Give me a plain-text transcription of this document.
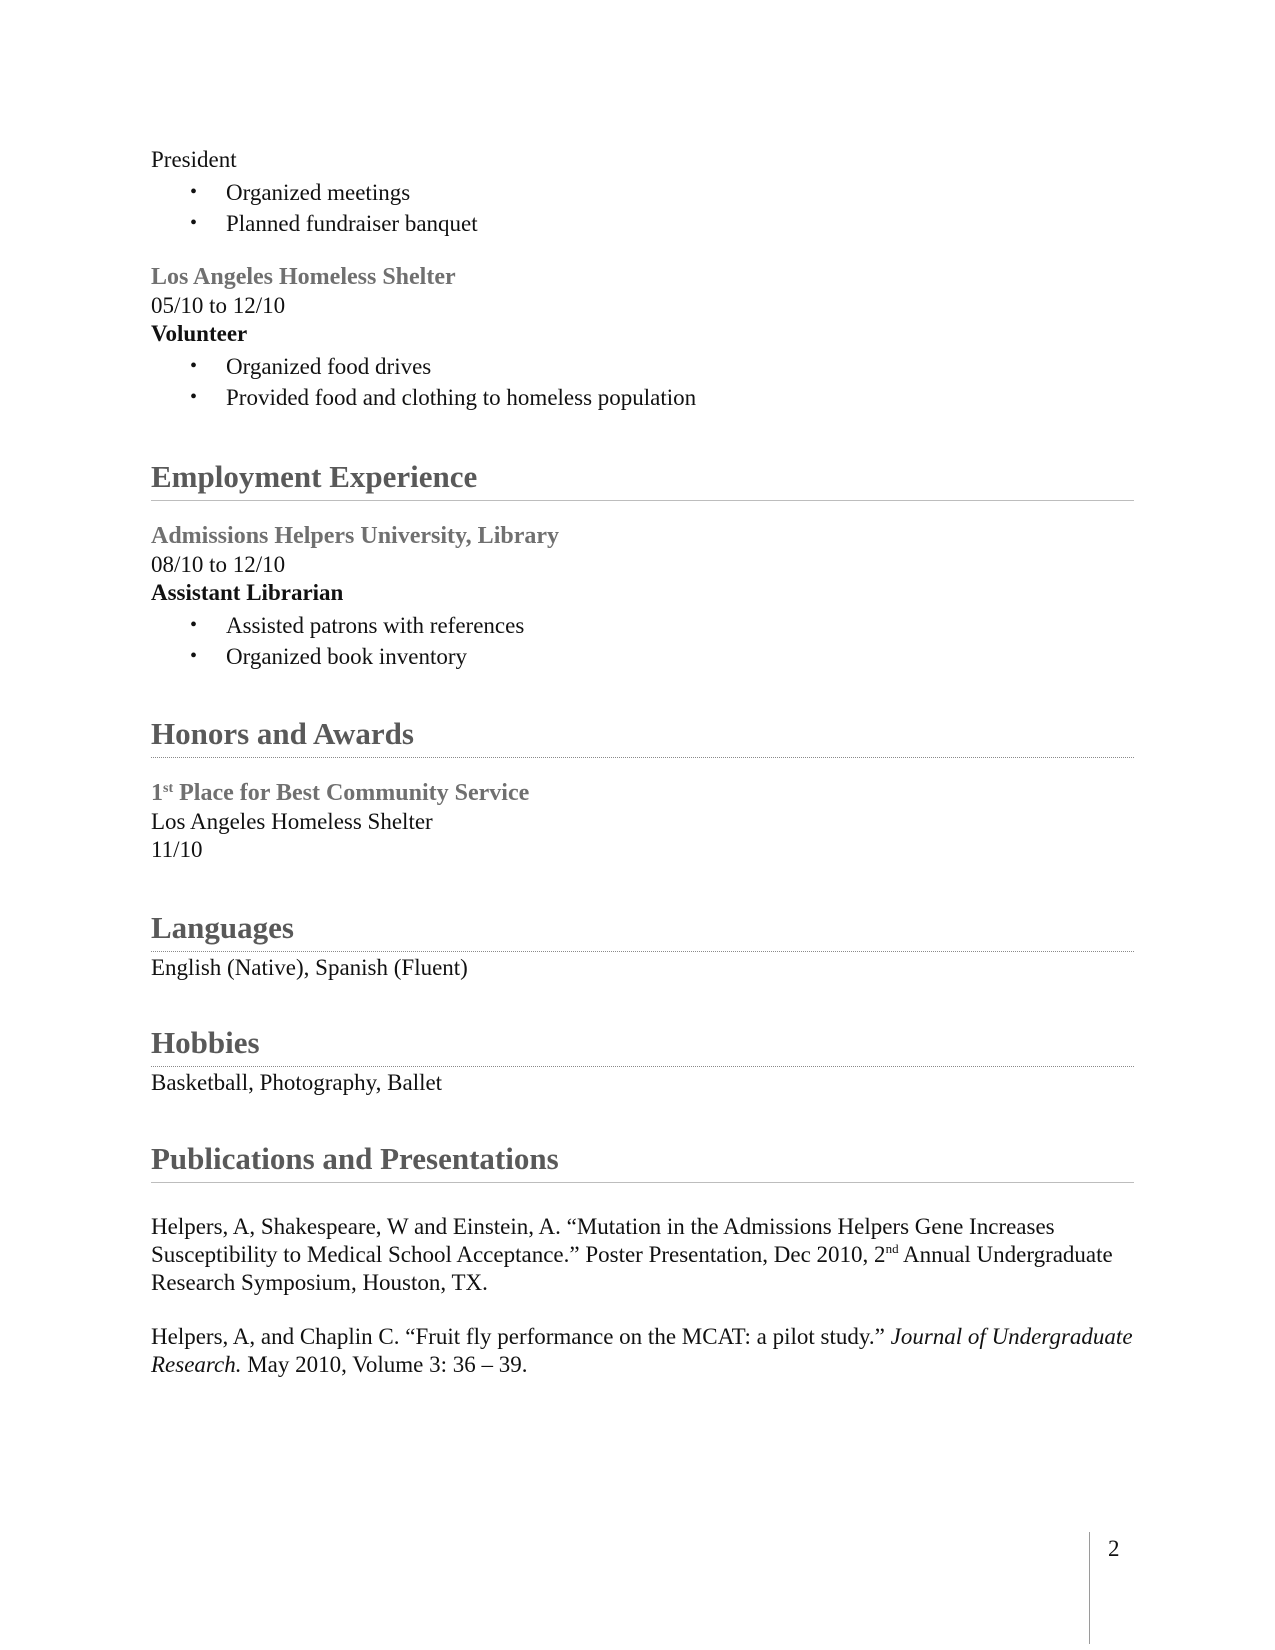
President

• Organized meetings
• Planned fundraiser banquet

Los Angeles Homeless Shelter

05/10 to 12/10

Volunteer

• Organized food drives
• Provided food and clothing to homeless population
Employment Experience

Admissions Helpers University, Library

08/10 to 12/10

Assistant Librarian

• Assisted patrons with references
• Organized book inventory
Honors and Awards

1st Place for Best Community Service

Los Angeles Homeless Shelter

11/10

Languages

English (Native), Spanish (Fluent)

Hobbies

Basketball, Photography, Ballet

Publications and Presentations

Helpers, A, Shakespeare, W and Einstein, A. “Mutation in the Admissions Helpers Gene Increases Susceptibility to Medical School Acceptance.” Poster Presentation, Dec 2010, 2nd Annual Undergraduate Research Symposium, Houston, TX.

Helpers, A, and Chaplin C. “Fruit fly performance on the MCAT: a pilot study.” Journal of Undergraduate Research. May 2010, Volume 3: 36 – 39.

2
